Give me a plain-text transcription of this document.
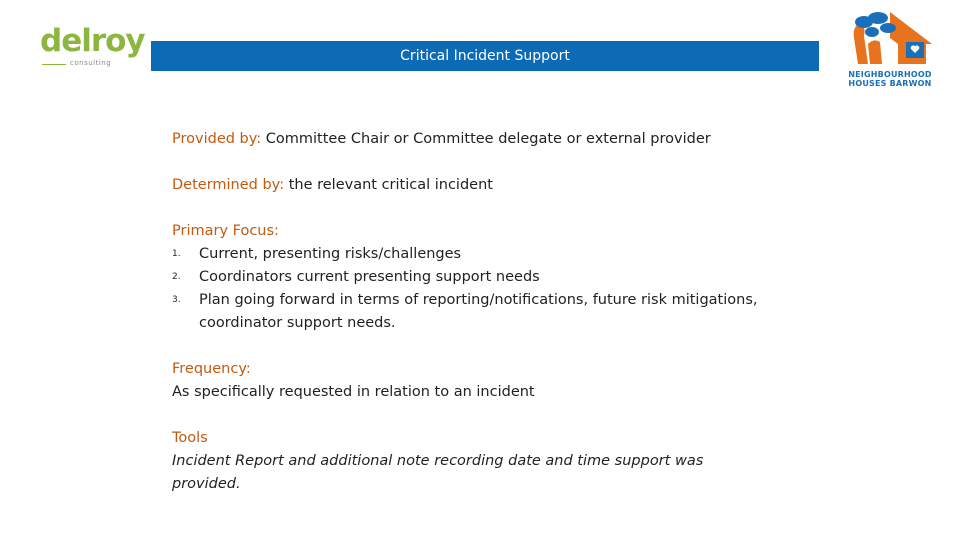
delroy
consulting	Critical Incident Support
NEIGHBOURHOOD
HOUSES BARWON
Provided by: Committee Chair or Committee delegate or external provider
Determined by: the relevant critical incident
Primary Focus:
1. Current, presenting risks/challenges
2. Coordinators current presenting support needs
3. Plan going forward in terms of reporting/notifications, future risk mitigations, coordinator support needs.
Frequency:
As specifically requested in relation to an incident
Tools
Incident Report and additional note recording date and time support was provided.
